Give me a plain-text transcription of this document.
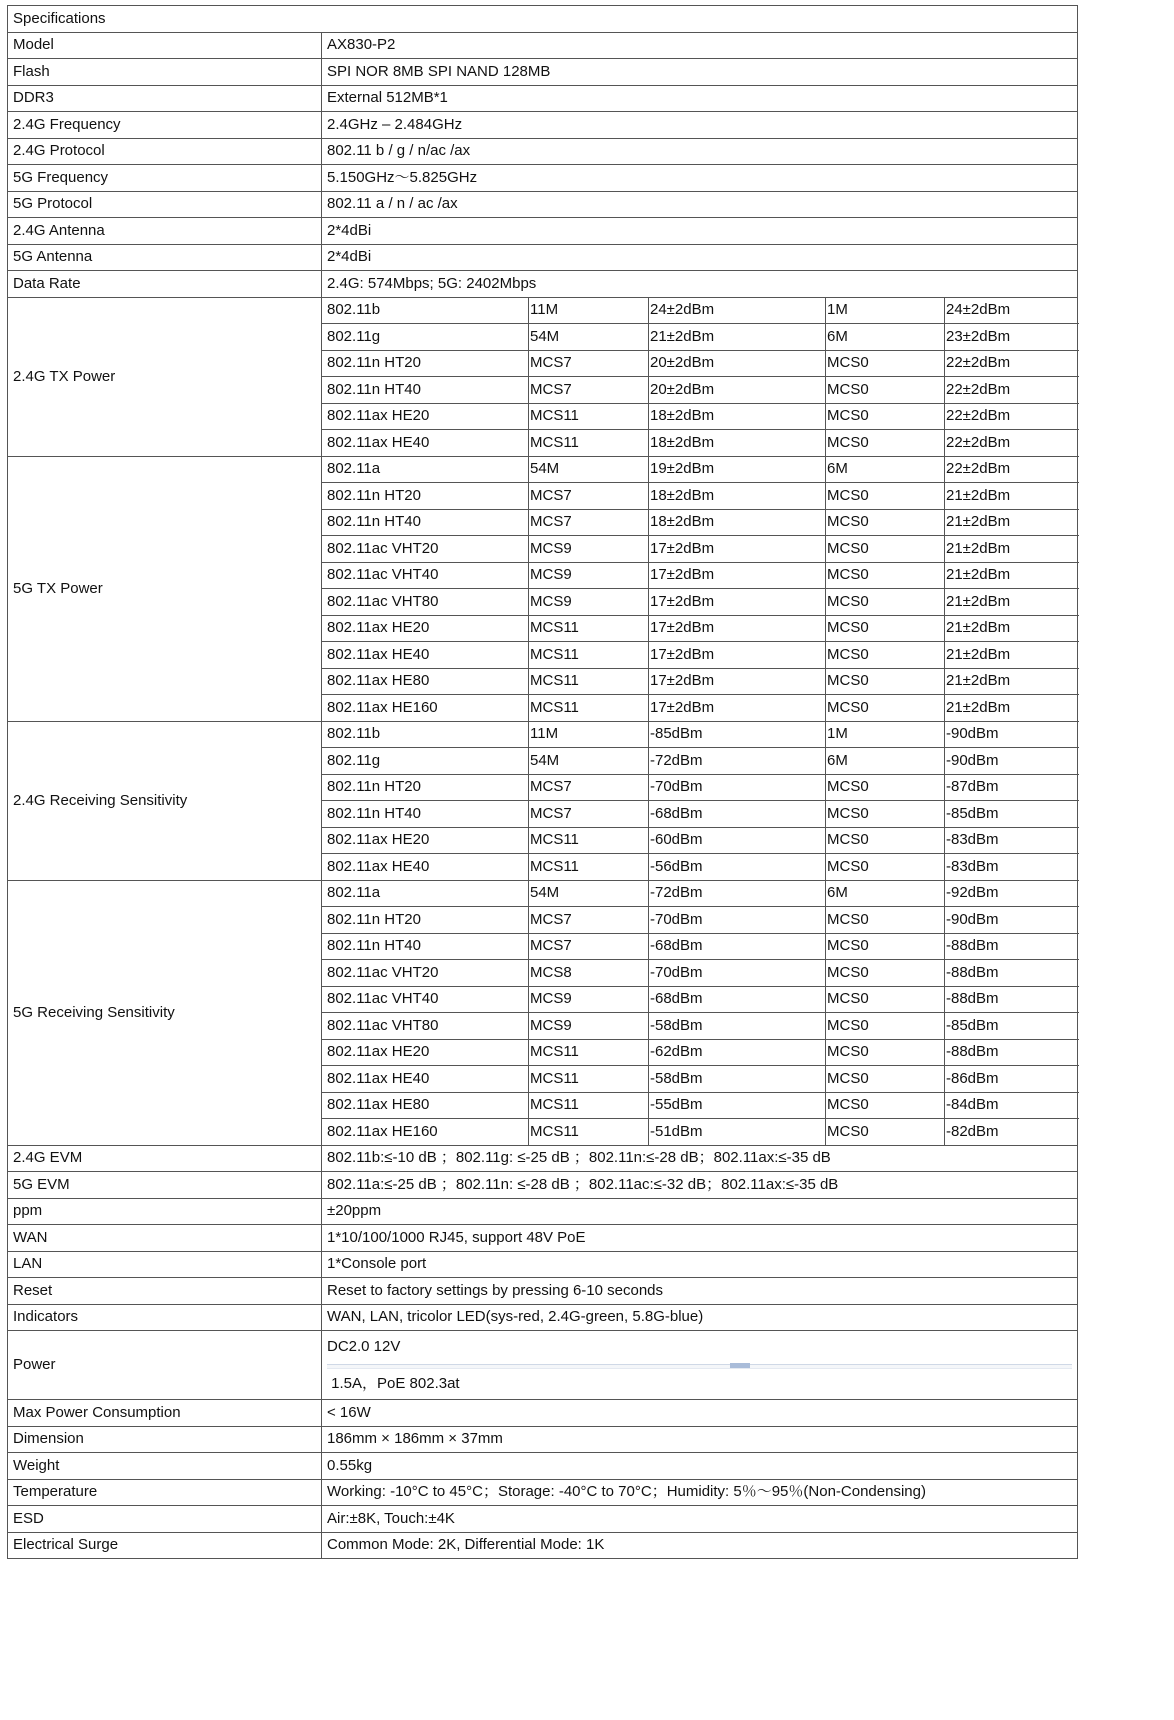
Specifications					
Model	AX830-P2				
Flash	SPI NOR 8MB SPI NAND 128MB				
DDR3	External 512MB*1				
2.4G Frequency	2.4GHz – 2.484GHz				
2.4G Protocol	802.11 b / g / n/ac /ax				
5G Frequency	5.150GHz～5.825GHz				
5G Protocol	802.11 a / n / ac /ax				
2.4G Antenna	2*4dBi				
5G Antenna	2*4dBi				
Data Rate	2.4G: 574Mbps; 5G: 2402Mbps				
2.4G TX Power	802.11b	11M	24±2dBm	1M	24±2dBm
	802.11g	54M	21±2dBm	6M	23±2dBm
	802.11n HT20	MCS7	20±2dBm	MCS0	22±2dBm
	802.11n HT40	MCS7	20±2dBm	MCS0	22±2dBm
	802.11ax HE20	MCS11	18±2dBm	MCS0	22±2dBm
	802.11ax HE40	MCS11	18±2dBm	MCS0	22±2dBm
5G TX Power	802.11a	54M	19±2dBm	6M	22±2dBm
	802.11n HT20	MCS7	18±2dBm	MCS0	21±2dBm
	802.11n HT40	MCS7	18±2dBm	MCS0	21±2dBm
	802.11ac VHT20	MCS9	17±2dBm	MCS0	21±2dBm
	802.11ac VHT40	MCS9	17±2dBm	MCS0	21±2dBm
	802.11ac VHT80	MCS9	17±2dBm	MCS0	21±2dBm
	802.11ax HE20	MCS11	17±2dBm	MCS0	21±2dBm
	802.11ax HE40	MCS11	17±2dBm	MCS0	21±2dBm
	802.11ax HE80	MCS11	17±2dBm	MCS0	21±2dBm
	802.11ax HE160	MCS11	17±2dBm	MCS0	21±2dBm
2.4G Receiving Sensitivity	802.11b	11M	-85dBm	1M	-90dBm
	802.11g	54M	-72dBm	6M	-90dBm
	802.11n HT20	MCS7	-70dBm	MCS0	-87dBm
	802.11n HT40	MCS7	-68dBm	MCS0	-85dBm
	802.11ax HE20	MCS11	-60dBm	MCS0	-83dBm
	802.11ax HE40	MCS11	-56dBm	MCS0	-83dBm
5G Receiving Sensitivity	802.11a	54M	-72dBm	6M	-92dBm
	802.11n HT20	MCS7	-70dBm	MCS0	-90dBm
	802.11n HT40	MCS7	-68dBm	MCS0	-88dBm
	802.11ac VHT20	MCS8	-70dBm	MCS0	-88dBm
	802.11ac VHT40	MCS9	-68dBm	MCS0	-88dBm
	802.11ac VHT80	MCS9	-58dBm	MCS0	-85dBm
	802.11ax HE20	MCS11	-62dBm	MCS0	-88dBm
	802.11ax HE40	MCS11	-58dBm	MCS0	-86dBm
	802.11ax HE80	MCS11	-55dBm	MCS0	-84dBm
	802.11ax HE160	MCS11	-51dBm	MCS0	-82dBm
2.4G EVM	802.11b:≤-10 dB ；802.11g: ≤-25 dB ；802.11n:≤-28 dB；802.11ax:≤-35 dB				
5G EVM	802.11a:≤-25 dB ；802.11n: ≤-28 dB ；802.11ac:≤-32 dB；802.11ax:≤-35 dB				
ppm	±20ppm				
WAN	1*10/100/1000 RJ45, support 48V PoE				
LAN	1*Console port				
Reset	Reset to factory settings by pressing 6-10 seconds				
Indicators	WAN, LAN, tricolor LED(sys-red, 2.4G-green, 5.8G-blue)				
Power	DC2.0 12V
1.5A，PoE 802.3at				

Max Power Consumption	< 16W				
Dimension	186mm × 186mm × 37mm				
Weight	0.55kg				
Temperature	Working: -10°C to 45°C；Storage: -40°C to 70°C；Humidity: 5％～95％(Non-Condensing)				
ESD	Air:±8K, Touch:±4K				
Electrical Surge	Common Mode: 2K, Differential Mode: 1K				
